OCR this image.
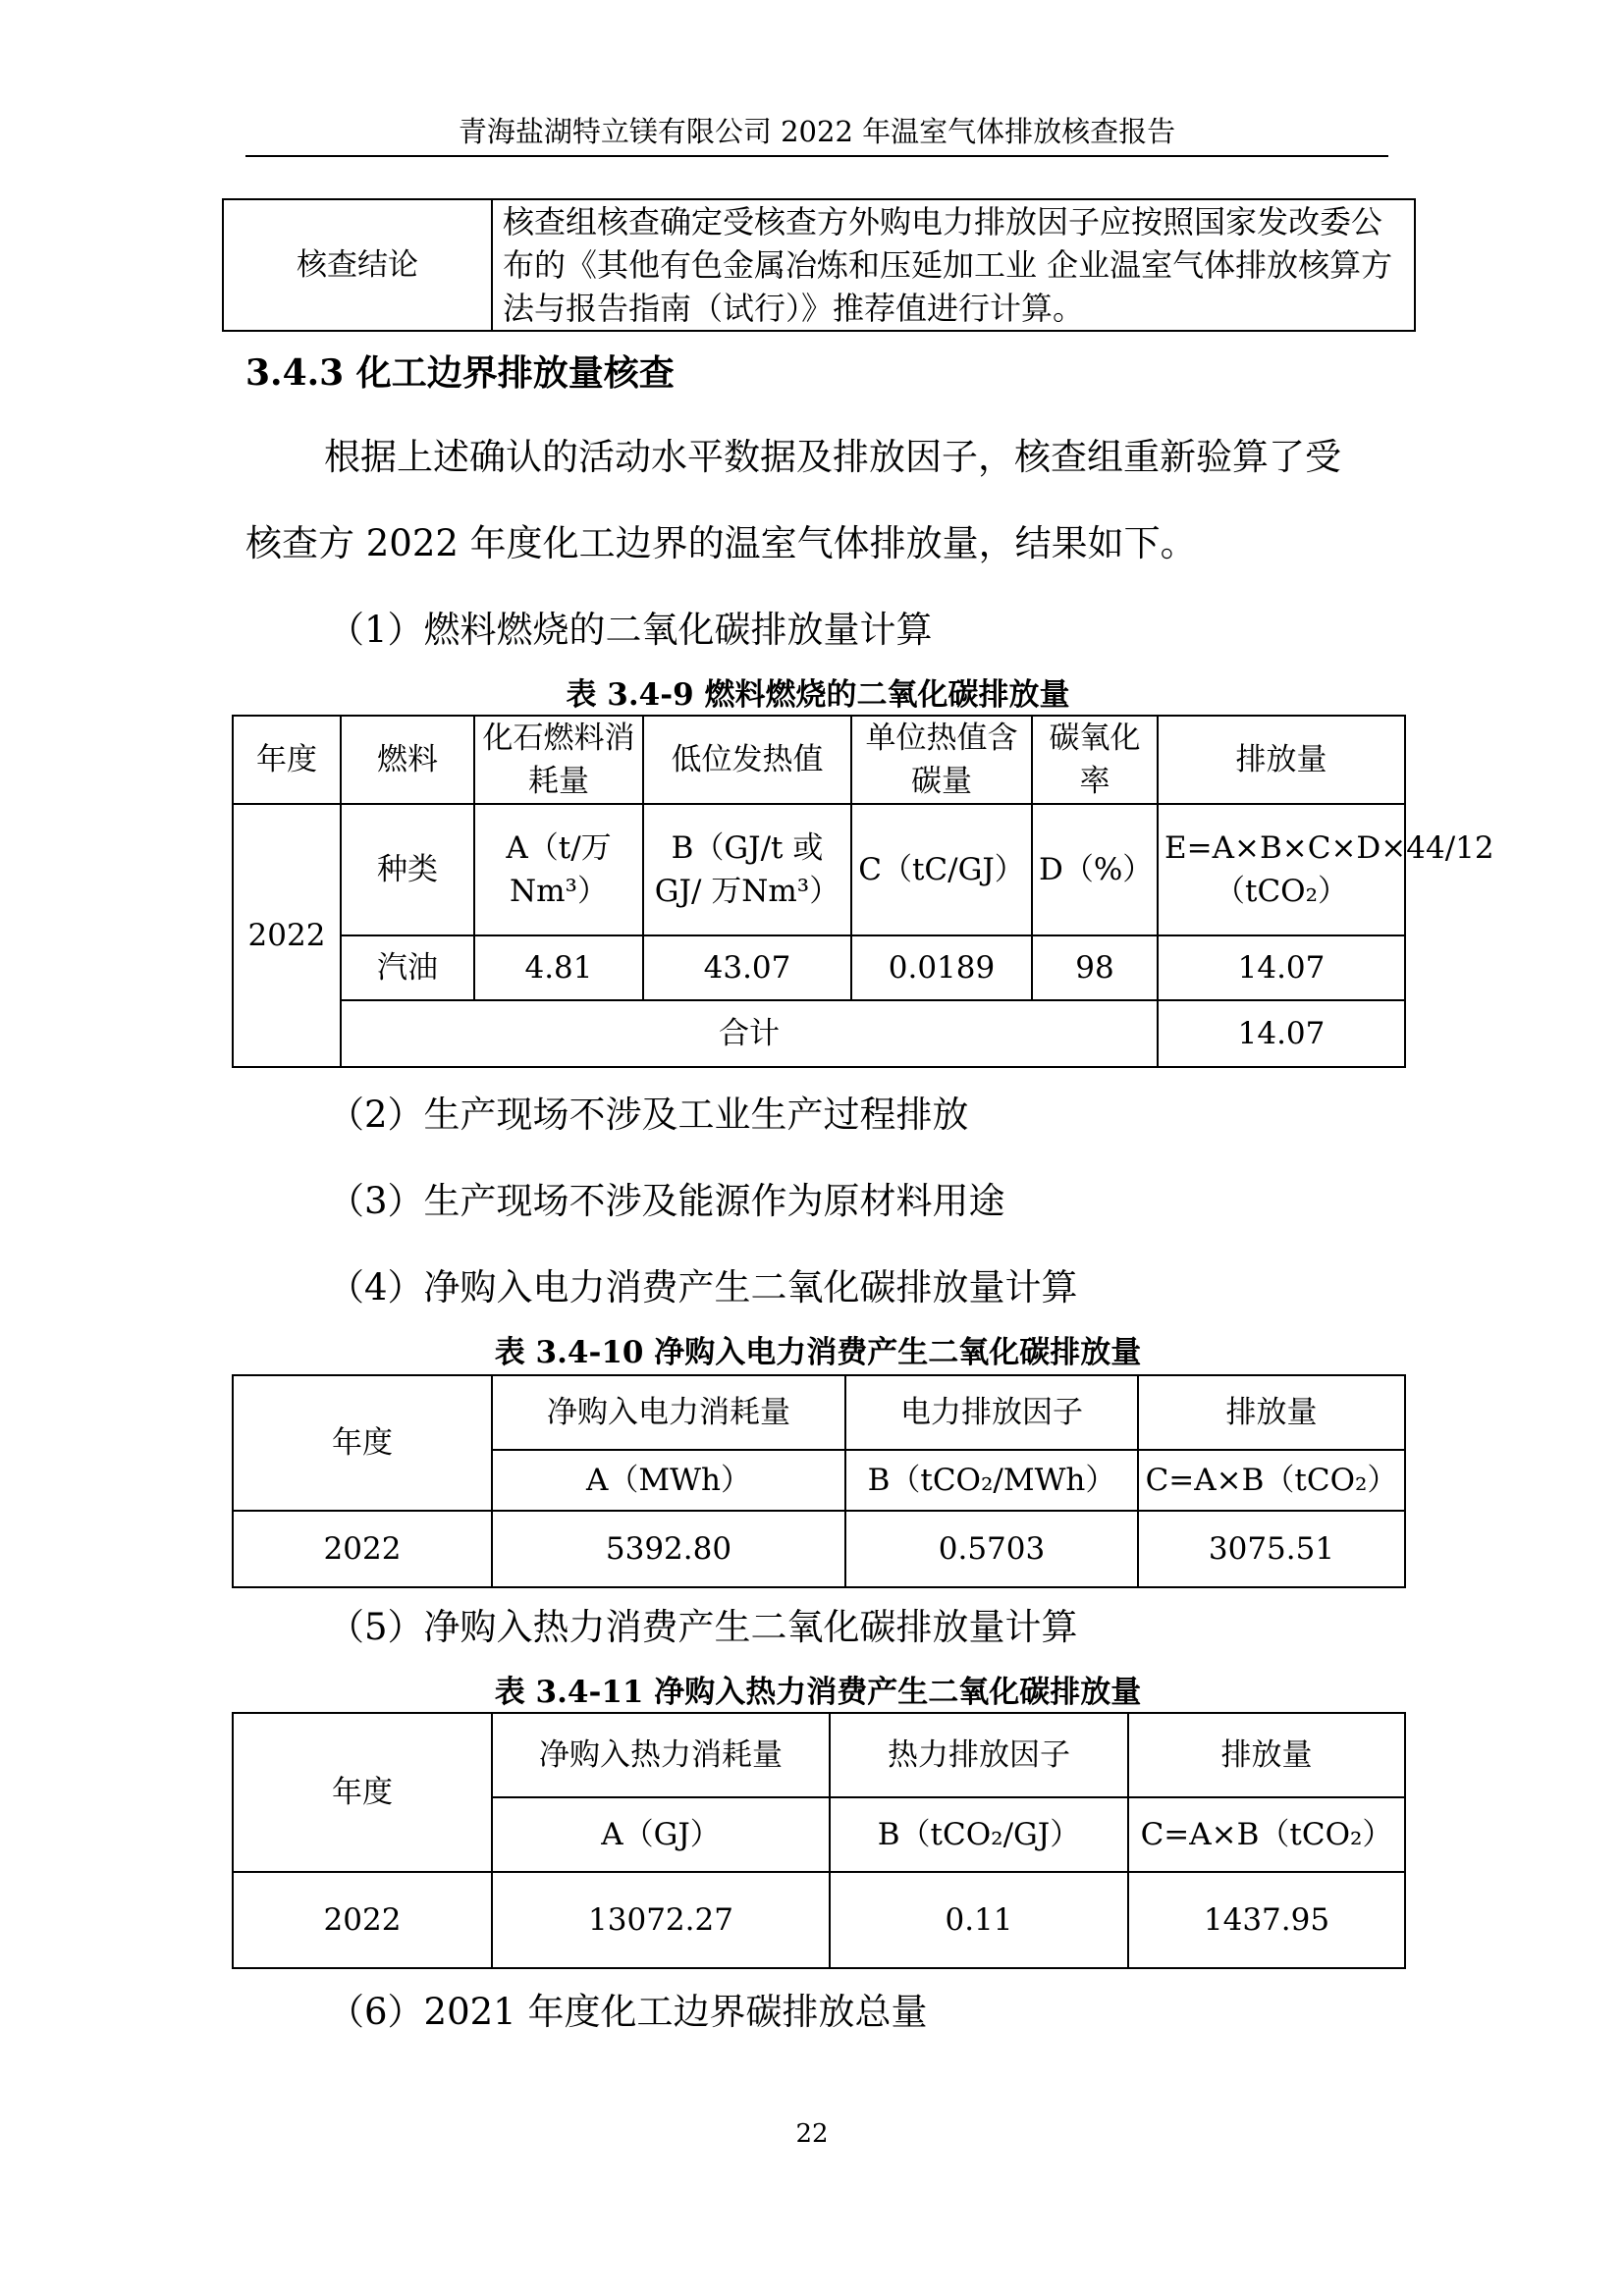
青海盐湖特立镁有限公司 2022 年温室气体排放核查报告
核查结论	核查组核查确定受核查方外购电力排放因子应按照国家发改委公布的《其他有色金属冶炼和压延加工业 企业温室气体排放核算方法与报告指南（试行）》推荐值进行计算。
3.4.3 化工边界排放量核查
根据上述确认的活动水平数据及排放因子，核查组重新验算了受
核查方 2022 年度化工边界的温室气体排放量，结果如下。
（1）燃料燃烧的二氧化碳排放量计算
表 3.4-9 燃料燃烧的二氧化碳排放量
年度	燃料	化石燃料消耗量	低位发热值	单位热值含碳量	碳氧化率	排放量
2022	种类	A（t/万Nm³）	B（GJ/t 或GJ/ 万Nm³）	C（tC/GJ）	D（%）	E=A×B×C×D×44/12（tCO₂）
	汽油	4.81	43.07	0.0189	98	14.07
	合计					14.07
（2）生产现场不涉及工业生产过程排放
（3）生产现场不涉及能源作为原材料用途
（4）净购入电力消费产生二氧化碳排放量计算
表 3.4-10 净购入电力消费产生二氧化碳排放量
年度	净购入电力消耗量	电力排放因子	排放量
	A（MWh）	B（tCO₂/MWh）	C=A×B（tCO₂）
2022	5392.80	0.5703	3075.51
（5）净购入热力消费产生二氧化碳排放量计算
表 3.4-11 净购入热力消费产生二氧化碳排放量
年度	净购入热力消耗量	热力排放因子	排放量
	A（GJ）	B（tCO₂/GJ）	C=A×B（tCO₂）
2022	13072.27	0.11	1437.95
（6）2021 年度化工边界碳排放总量
22
